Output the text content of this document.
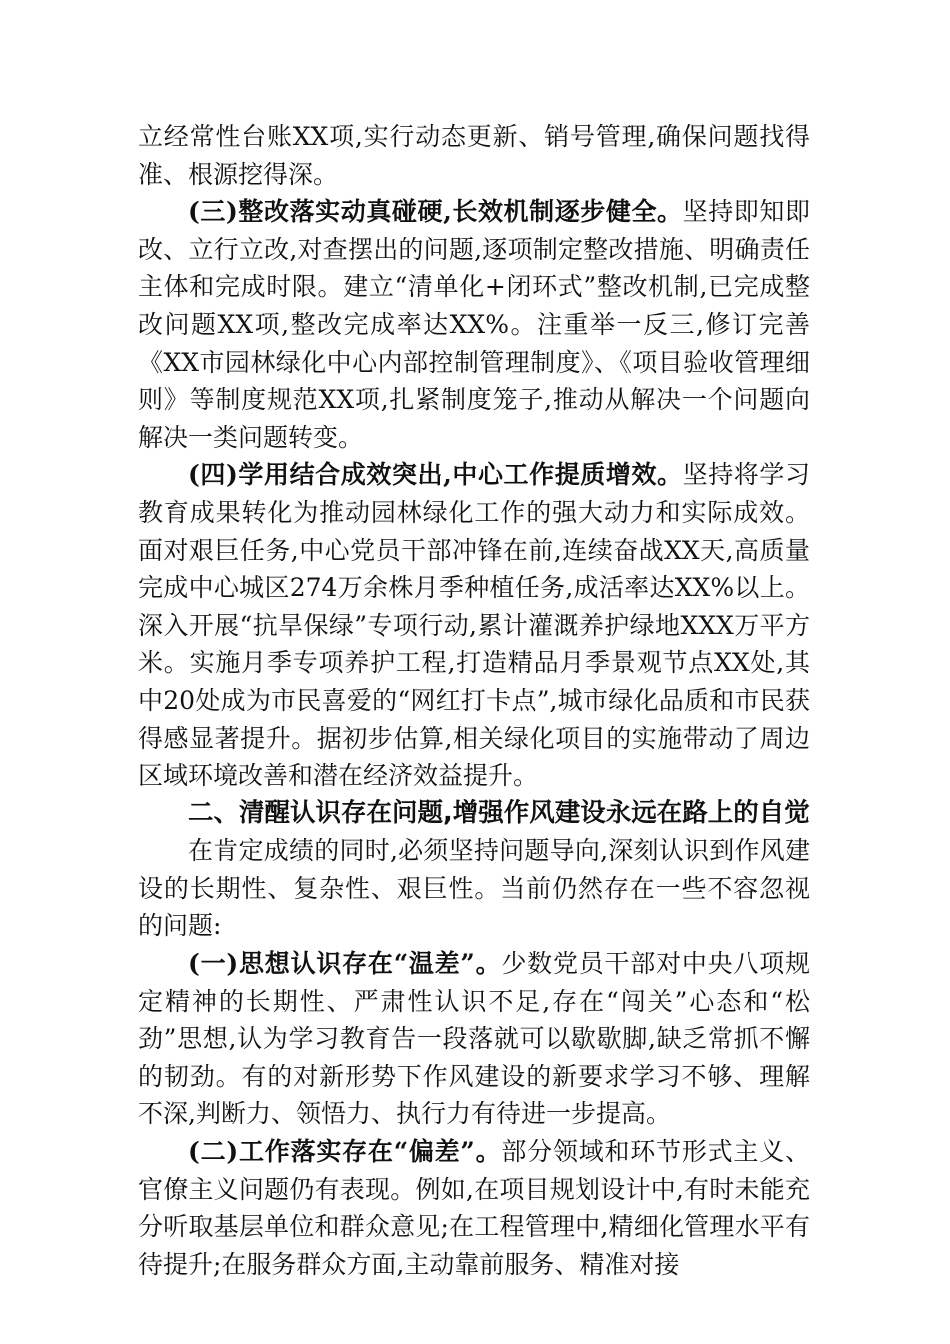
立经常性台账XX项,实行动态更新、销号管理,确保问题找得准、根源挖得深。

(三)整改落实动真碰硬,长效机制逐步健全。坚持即知即改、立行立改,对查摆出的问题,逐项制定整改措施、明确责任主体和完成时限。建立“清单化+闭环式”整改机制,已完成整改问题XX项,整改完成率达XX%。注重举一反三,修订完善《XX市园林绿化中心内部控制管理制度》、《项目验收管理细则》等制度规范XX项,扎紧制度笼子,推动从解决一个问题向解决一类问题转变。

(四)学用结合成效突出,中心工作提质增效。坚持将学习教育成果转化为推动园林绿化工作的强大动力和实际成效。面对艰巨任务,中心党员干部冲锋在前,连续奋战XX天,高质量完成中心城区274万余株月季种植任务,成活率达XX%以上。深入开展“抗旱保绿”专项行动,累计灌溉养护绿地XXX万平方米。实施月季专项养护工程,打造精品月季景观节点XX处,其中20处成为市民喜爱的“网红打卡点”,城市绿化品质和市民获得感显著提升。据初步估算,相关绿化项目的实施带动了周边区域环境改善和潜在经济效益提升。

二、清醒认识存在问题,增强作风建设永远在路上的自觉

在肯定成绩的同时,必须坚持问题导向,深刻认识到作风建设的长期性、复杂性、艰巨性。当前仍然存在一些不容忽视的问题:

(一)思想认识存在“温差”。少数党员干部对中央八项规定精神的长期性、严肃性认识不足,存在“闯关”心态和“松劲”思想,认为学习教育告一段落就可以歇歇脚,缺乏常抓不懈的韧劲。有的对新形势下作风建设的新要求学习不够、理解不深,判断力、领悟力、执行力有待进一步提高。

(二)工作落实存在“偏差”。部分领域和环节形式主义、官僚主义问题仍有表现。例如,在项目规划设计中,有时未能充分听取基层单位和群众意见;在工程管理中,精细化管理水平有待提升;在服务群众方面,主动靠前服务、精准对接
